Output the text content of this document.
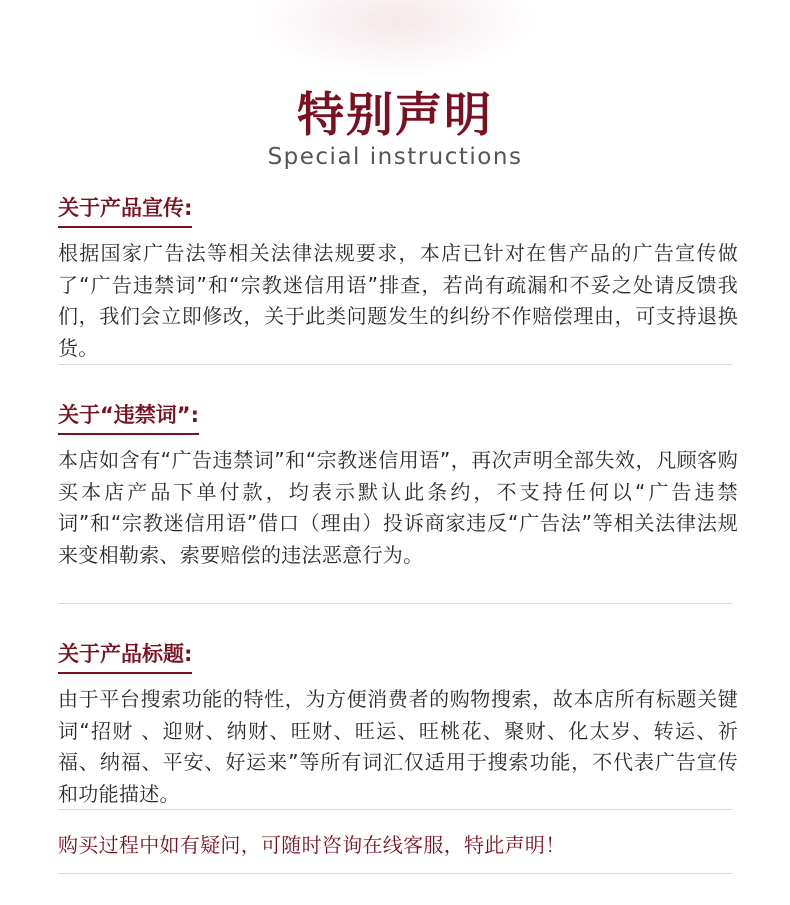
特别声明
Special instructions
关于产品宣传:
根据国家广告法等相关法律法规要求，本店已针对在售产品的广告宣传做了“广告违禁词”和“宗教迷信用语”排查，若尚有疏漏和不妥之处请反馈我们，我们会立即修改，关于此类问题发生的纠纷不作赔偿理由，可支持退换货。
关于“违禁词”:
本店如含有“广告违禁词”和“宗教迷信用语”，再次声明全部失效，凡顾客购买本店产品下单付款，均表示默认此条约，不支持任何以“广告违禁词”和“宗教迷信用语”借口（理由）投诉商家违反“广告法”等相关法律法规来变相勒索、索要赔偿的违法恶意行为。
关于产品标题:
由于平台搜索功能的特性，为方便消费者的购物搜索，故本店所有标题关键词“招财 、迎财、纳财、旺财、旺运、旺桃花、聚财、化太岁、转运、祈福、纳福、平安、好运来”等所有词汇仅适用于搜索功能，不代表广告宣传和功能描述。
购买过程中如有疑问，可随时咨询在线客服，特此声明！
